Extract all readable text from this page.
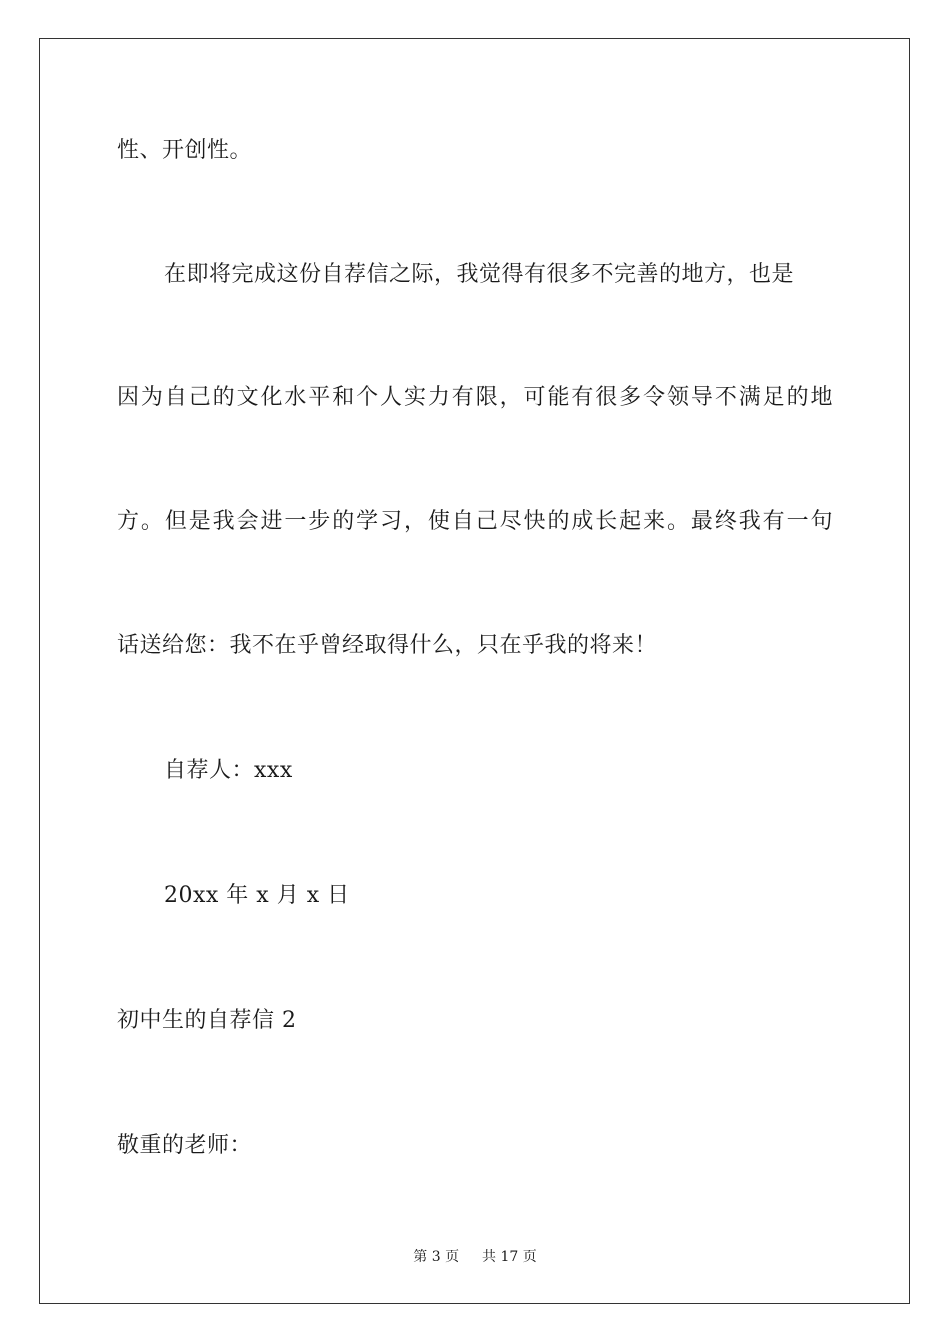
性、开创性。
在即将完成这份自荐信之际，我觉得有很多不完善的地方，也是
因为自己的文化水平和个人实力有限，可能有很多令领导不满足的地
方。但是我会进一步的学习，使自己尽快的成长起来。最终我有一句
话送给您：我不在乎曾经取得什么，只在乎我的将来！
自荐人：xxx
20xx 年 x 月 x 日
初中生的自荐信 2
敬重的老师：
第 3 页 共 17 页
